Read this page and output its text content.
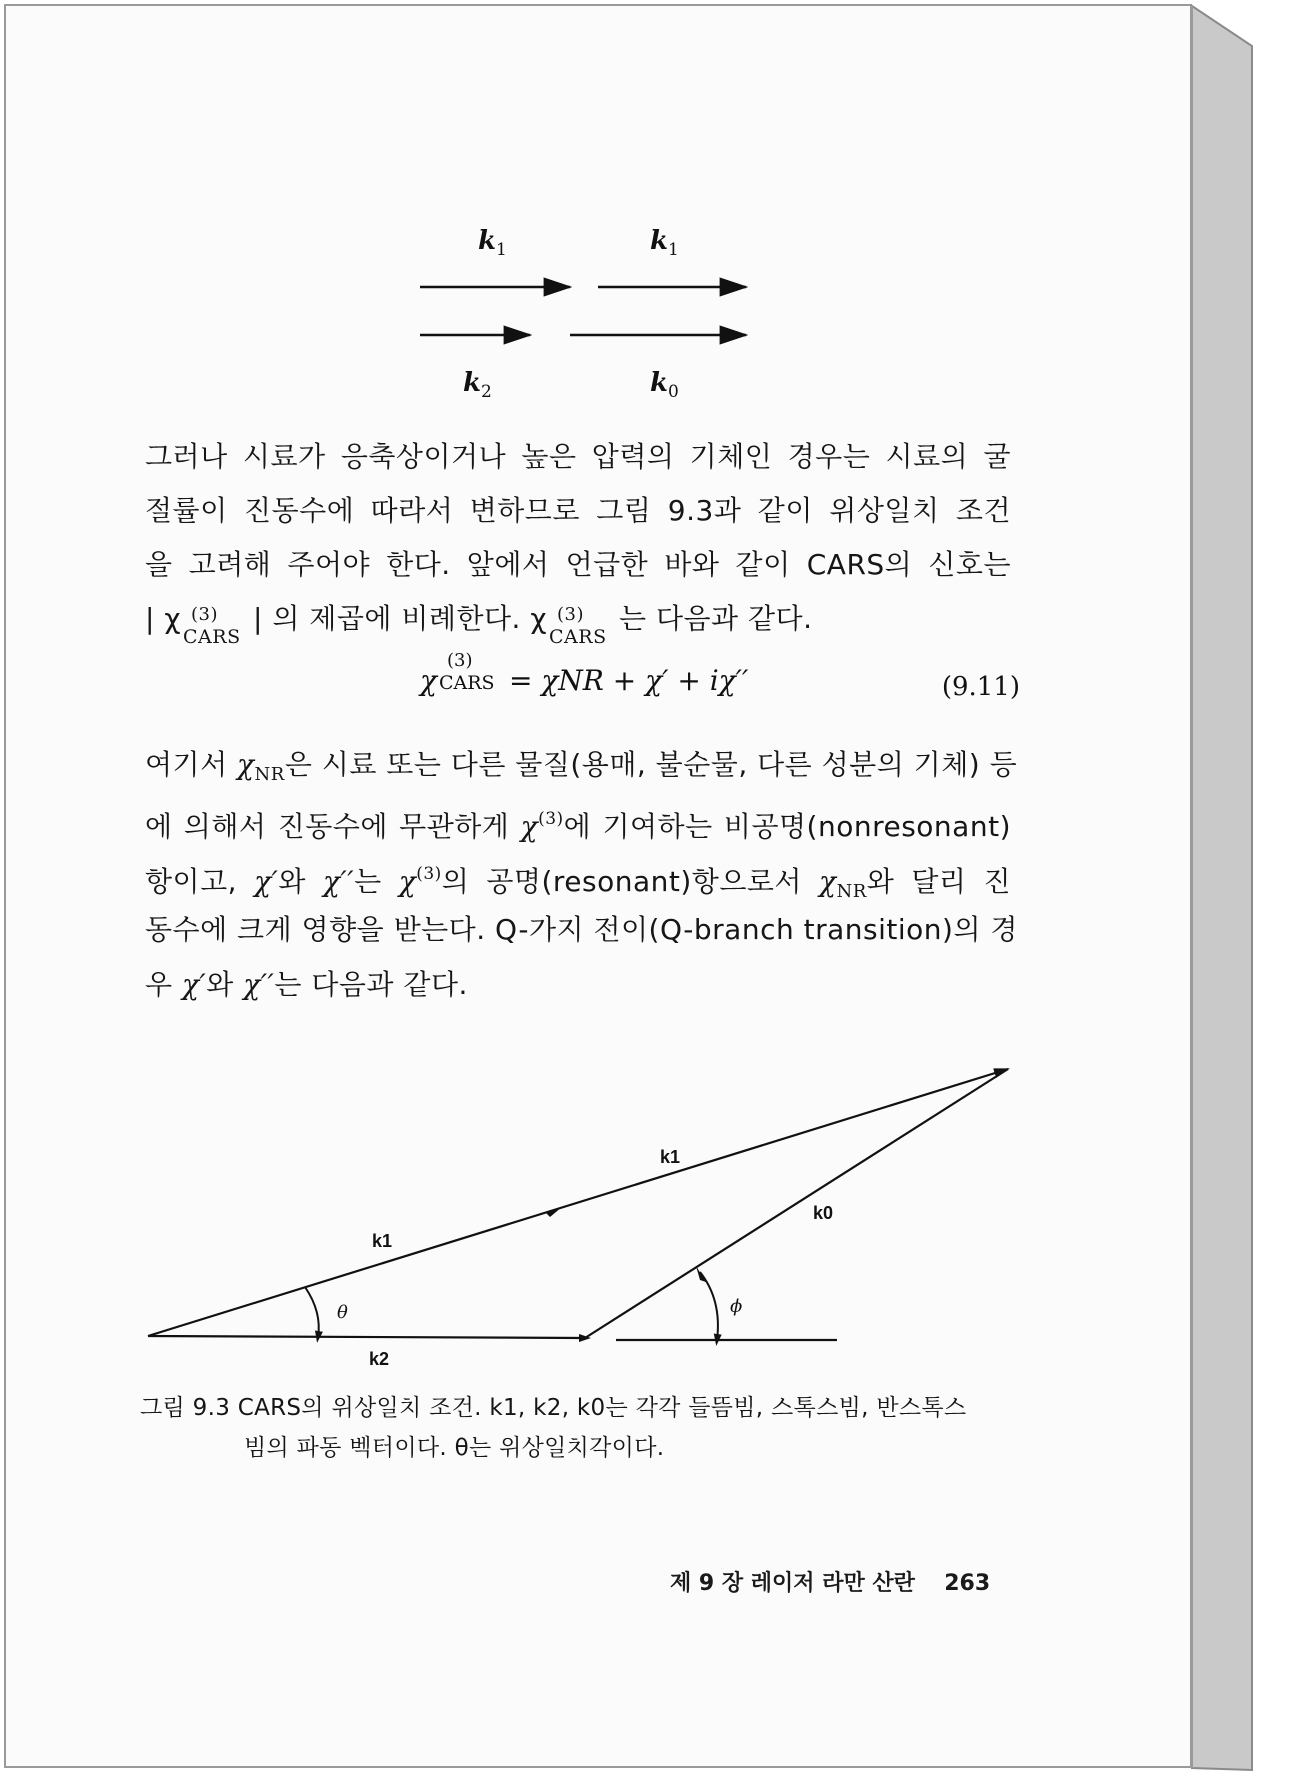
$k_1$	$k_1$
$k_2$	$k_0$
그러나 시료가 응축상이거나 높은 압력의 기체인 경우는 시료의 굴
절률이 진동수에 따라서 변하므로 그림 9.3과 같이 위상일치 조건
을 고려해 주어야 한다. 앞에서 언급한 바와 같이 CARS의 신호는
| χ (3)
CARS
| 의 제곱에 비례한다. χ (3)
CARS
는 다음과 같다.
χ
(3)
CARS = χNR + χ′ + iχ′′	(9.11)
여기서 $\chi_{NR}$은 시료 또는 다른 물질(용매, 불순물, 다른 성분의 기체) 등
에 의해서 진동수에 무관하게 $\chi^{(3)}$에 기여하는 비공명(nonresonant)
항이고, χ′와 χ′′는 $\chi^{(3)}$의 공명(resonant)항으로서 $\chi_{NR}$와 달리 진
동수에 크게 영향을 받는다. Q-가지 전이(Q-branch transition)의 경
우 χ′와 χ′′는 다음과 같다.
k1
k1
k0
k2
θ	ϕ
그림 9.3 CARS의 위상일치 조건. k1, k2, k0는 각각 들뜸빔, 스톡스빔, 반스톡스
빔의 파동 벡터이다. θ는 위상일치각이다.
제 9 장 레이저 라만 산란 263
